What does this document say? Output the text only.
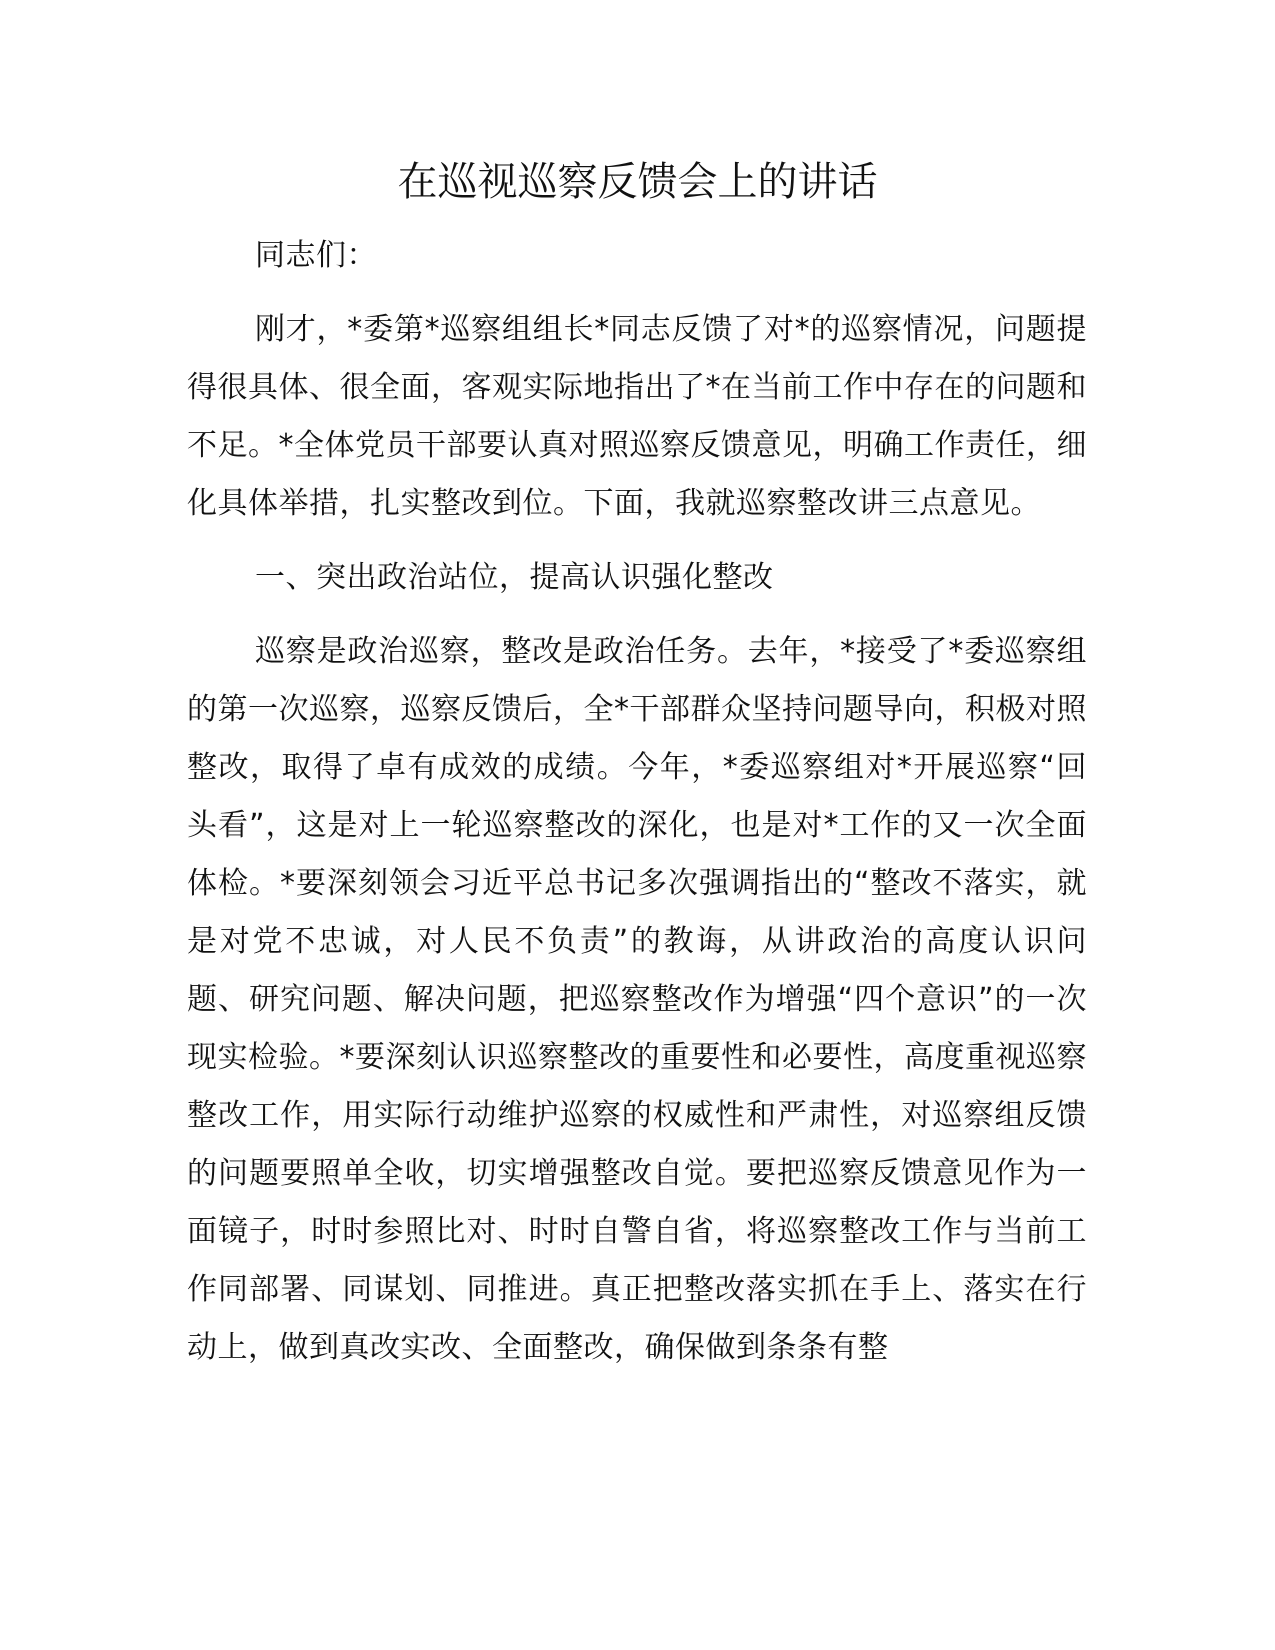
在巡视巡察反馈会上的讲话

同志们：

刚才，*委第*巡察组组长*同志反馈了对*的巡察情况，问题提得很具体、很全面，客观实际地指出了*在当前工作中存在的问题和不足。*全体党员干部要认真对照巡察反馈意见，明确工作责任，细化具体举措，扎实整改到位。下面，我就巡察整改讲三点意见。

一、突出政治站位，提高认识强化整改

巡察是政治巡察，整改是政治任务。去年，*接受了*委巡察组的第一次巡察，巡察反馈后，全*干部群众坚持问题导向，积极对照整改，取得了卓有成效的成绩。今年，*委巡察组对*开展巡察“回头看”，这是对上一轮巡察整改的深化，也是对*工作的又一次全面体检。*要深刻领会习近平总书记多次强调指出的“整改不落实，就是对党不忠诚，对人民不负责”的教诲，从讲政治的高度认识问题、研究问题、解决问题，把巡察整改作为增强“四个意识”的一次现实检验。*要深刻认识巡察整改的重要性和必要性，高度重视巡察整改工作，用实际行动维护巡察的权威性和严肃性，对巡察组反馈的问题要照单全收，切实增强整改自觉。要把巡察反馈意见作为一面镜子，时时参照比对、时时自警自省，将巡察整改工作与当前工作同部署、同谋划、同推进。真正把整改落实抓在手上、落实在行动上，做到真改实改、全面整改，确保做到条条有整
